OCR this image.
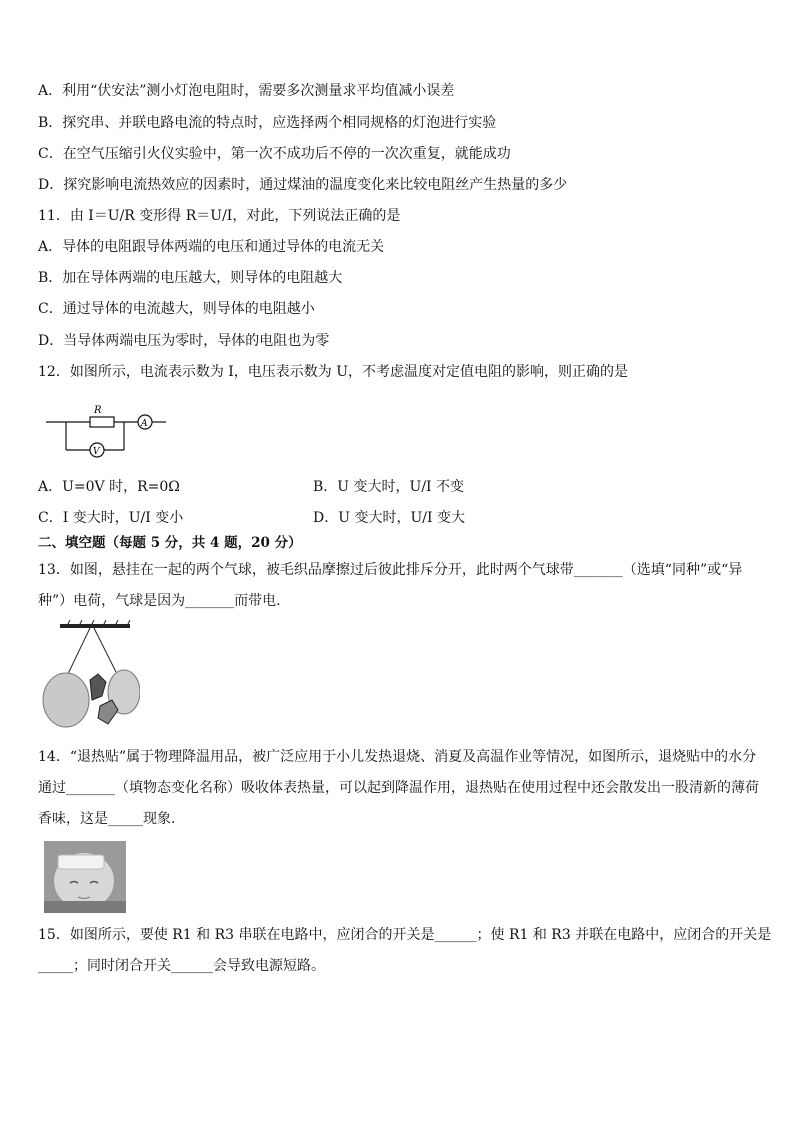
A．利用“伏安法”测小灯泡电阻时，需要多次测量求平均值减小误差
B．探究串、并联电路电流的特点时，应选择两个相同规格的灯泡进行实验
C．在空气压缩引火仪实验中，第一次不成功后不停的一次次重复，就能成功
D．探究影响电流热效应的因素时，通过煤油的温度变化来比较电阻丝产生热量的多少
11．由 I＝U/R 变形得 R＝U/I，对此，下列说法正确的是
A．导体的电阻跟导体两端的电压和通过导体的电流无关
B．加在导体两端的电压越大，则导体的电阻越大
C．通过导体的电流越大，则导体的电阻越小
D．当导体两端电压为零时，导体的电阻也为零
12．如图所示，电流表示数为 I，电压表示数为 U，不考虑温度对定值电阻的影响，则正确的是
R
A
V
A．U=0V 时，R=0Ω	B．U 变大时，U/I 不变
C．I 变大时，U/I 变小	D．U 变大时，U/I 变大
二、填空题（每题 5 分，共 4 题，20 分）
13．如图，悬挂在一起的两个气球，被毛织品摩擦过后彼此排斥分开，此时两个气球带_______（选填“同种”或“异
种”）电荷，气球是因为_______而带电．
14．“退热贴”属于物理降温用品，被广泛应用于小儿发热退烧、消夏及高温作业等情况，如图所示，退烧贴中的水分
通过_______（填物态变化名称）吸收体表热量，可以起到降温作用，退热贴在使用过程中还会散发出一股清新的薄荷
香味，这是_____现象．
15．如图所示，要使 R1 和 R3 串联在电路中，应闭合的开关是______；使 R1 和 R3 并联在电路中，应闭合的开关是
_____；同时闭合开关______会导致电源短路。
